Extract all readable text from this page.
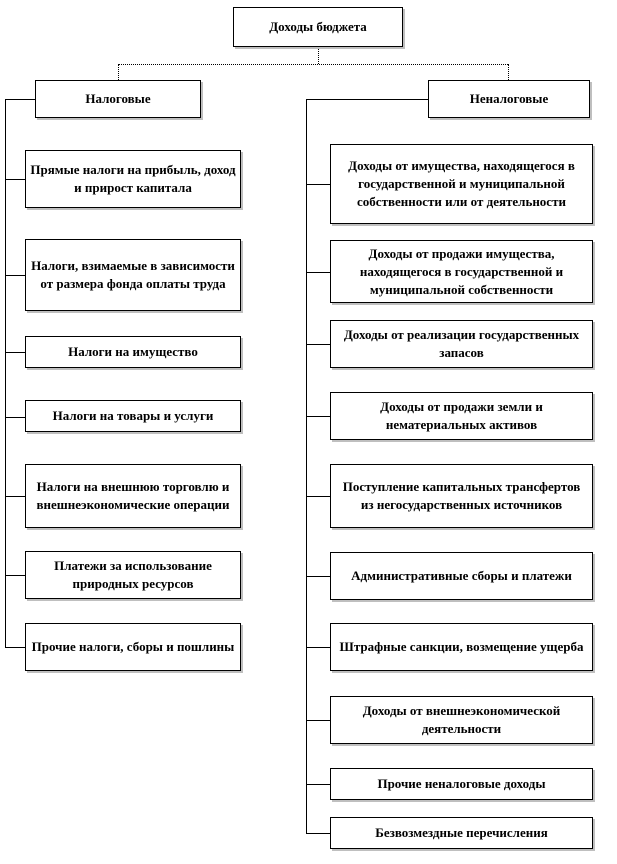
Доходы бюджета
Налоговые	Неналоговые
Прямые налоги на прибыль, доход и прирост капитала
Налоги, взимаемые в зависимости от размера фонда оплаты труда
Налоги на имущество
Налоги на товары и услуги
Налоги на внешнюю торговлю и внешнеэкономические операции
Платежи за использование природных ресурсов
Прочие налоги, сборы и пошлины
Доходы от имущества, находящегося в государственной и муниципальной собственности или от деятельности
Доходы от продажи имущества, находящегося в государственной и муниципальной собственности
Доходы от реализации государственных запасов
Доходы от продажи земли и нематериальных активов
Поступление капитальных трансфертов из негосударственных источников
Административные сборы и платежи
Штрафные санкции, возмещение ущерба
Доходы от внешнеэкономической деятельности
Прочие неналоговые доходы
Безвозмездные перечисления
